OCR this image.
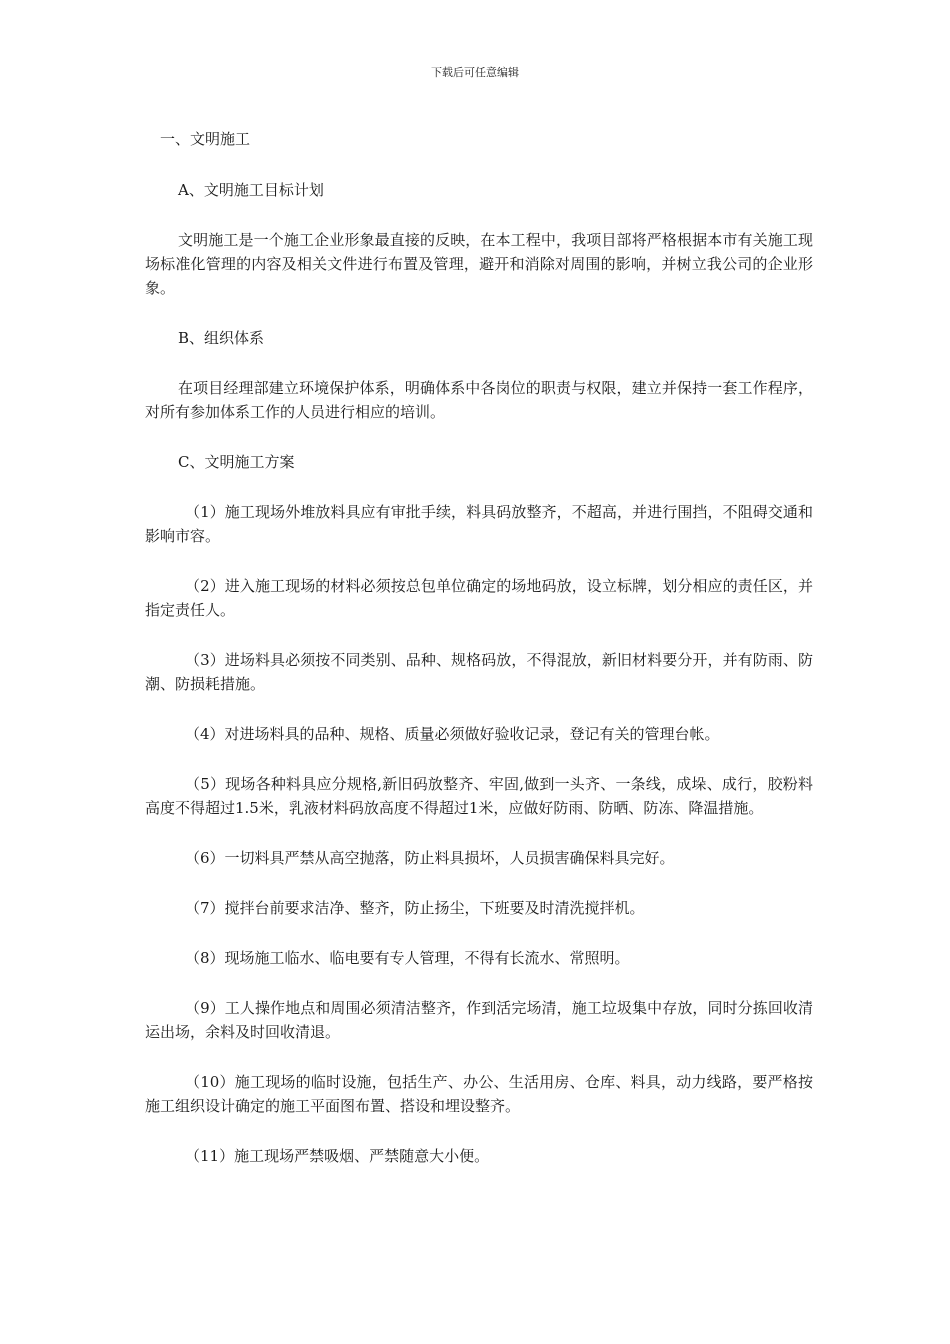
下载后可任意编辑

一、文明施工

A、文明施工目标计划

文明施工是一个施工企业形象最直接的反映，在本工程中，我项目部将严格根据本市有关施工现场标准化管理的内容及相关文件进行布置及管理，避开和消除对周围的影响，并树立我公司的企业形象。

B、组织体系

在项目经理部建立环境保护体系，明确体系中各岗位的职责与权限，建立并保持一套工作程序，对所有参加体系工作的人员进行相应的培训。

C、文明施工方案

（1）施工现场外堆放料具应有审批手续，料具码放整齐，不超高，并进行围挡，不阻碍交通和影响市容。

（2）进入施工现场的材料必须按总包单位确定的场地码放，设立标牌，划分相应的责任区，并指定责任人。

（3）进场料具必须按不同类别、品种、规格码放，不得混放，新旧材料要分开，并有防雨、防潮、防损耗措施。

（4）对进场料具的品种、规格、质量必须做好验收记录，登记有关的管理台帐。

（5）现场各种料具应分规格,新旧码放整齐、牢固,做到一头齐、一条线，成垛、成行，胶粉料高度不得超过1.5米，乳液材料码放高度不得超过1米，应做好防雨、防晒、防冻、降温措施。

（6）一切料具严禁从高空抛落，防止料具损坏，人员损害确保料具完好。

（7）搅拌台前要求洁净、整齐，防止扬尘，下班要及时清洗搅拌机。

（8）现场施工临水、临电要有专人管理，不得有长流水、常照明。

（9）工人操作地点和周围必须清洁整齐，作到活完场清，施工垃圾集中存放，同时分拣回收清运出场，余料及时回收清退。

（10）施工现场的临时设施，包括生产、办公、生活用房、仓库、料具，动力线路，要严格按施工组织设计确定的施工平面图布置、搭设和埋设整齐。

（11）施工现场严禁吸烟、严禁随意大小便。
